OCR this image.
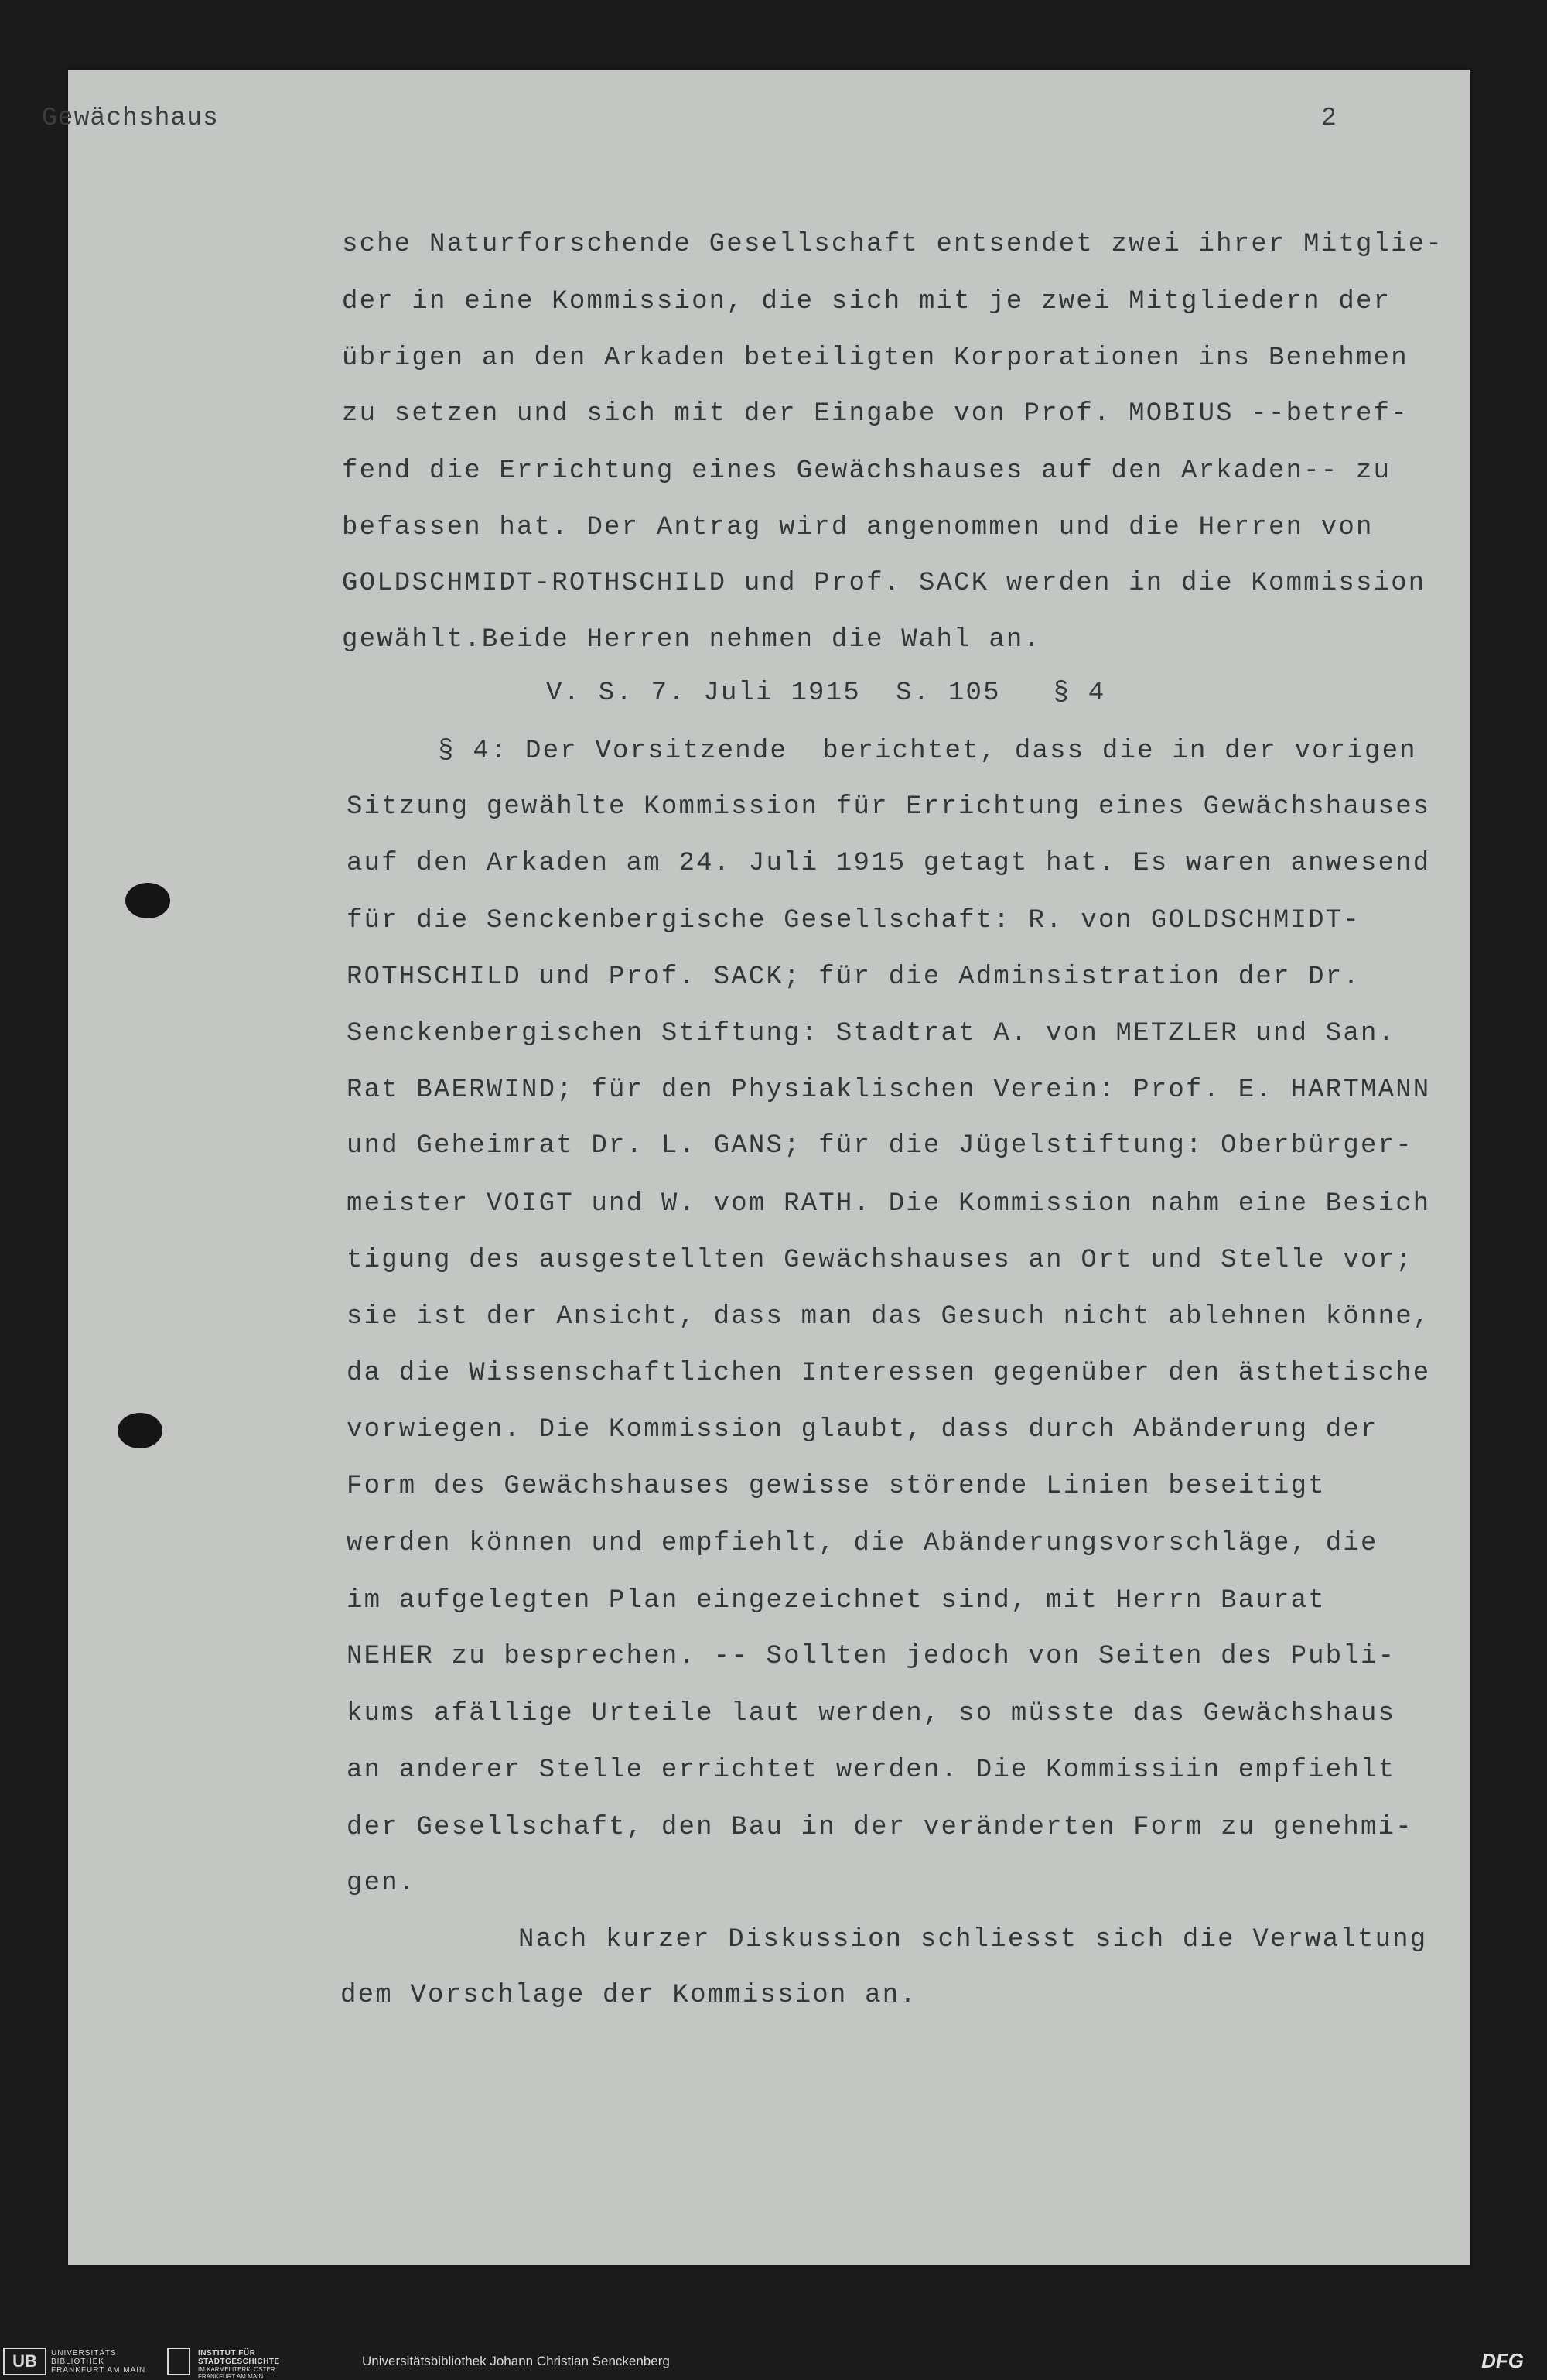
Gewächshaus	2
sche Naturforschende Gesellschaft entsendet zwei ihrer Mitglie-
der in eine Kommission, die sich mit je zwei Mitgliedern der
übrigen an den Arkaden beteiligten Korporationen ins Benehmen
zu setzen und sich mit der Eingabe von Prof. MOBIUS --betref-
fend die Errichtung eines Gewächshauses auf den Arkaden-- zu
befassen hat. Der Antrag wird angenommen und die Herren von
GOLDSCHMIDT-ROTHSCHILD und Prof. SACK werden in die Kommission
gewählt.Beide Herren nehmen die Wahl an.
V. S. 7. Juli 1915  S. 105   § 4
§ 4: Der Vorsitzende  berichtet, dass die in der vorigen
Sitzung gewählte Kommission für Errichtung eines Gewächshauses
auf den Arkaden am 24. Juli 1915 getagt hat. Es waren anwesend
für die Senckenbergische Gesellschaft: R. von GOLDSCHMIDT-
ROTHSCHILD und Prof. SACK; für die Adminsistration der Dr.
Senckenbergischen Stiftung: Stadtrat A. von METZLER und San.
Rat BAERWIND; für den Physiaklischen Verein: Prof. E. HARTMANN
und Geheimrat Dr. L. GANS; für die Jügelstiftung: Oberbürger-
meister VOIGT und W. vom RATH. Die Kommission nahm eine Besich
tigung des ausgestellten Gewächshauses an Ort und Stelle vor;
sie ist der Ansicht, dass man das Gesuch nicht ablehnen könne,
da die Wissenschaftlichen Interessen gegenüber den ästhetische
vorwiegen. Die Kommission glaubt, dass durch Abänderung der
Form des Gewächshauses gewisse störende Linien beseitigt
werden können und empfiehlt, die Abänderungsvorschläge, die
im aufgelegten Plan eingezeichnet sind, mit Herrn Baurat
NEHER zu besprechen. -- Sollten jedoch von Seiten des Publi-
kums afällige Urteile laut werden, so müsste das Gewächshaus
an anderer Stelle errichtet werden. Die Kommissiin empfiehlt
der Gesellschaft, den Bau in der veränderten Form zu genehmi-
gen.
Nach kurzer Diskussion schliesst sich die Verwaltung
dem Vorschlage der Kommission an.
UB	UNIVERSITÄTS
BIBLIOTHEK
FRANKFURT AM MAIN
INSTITUT FÜR
STADTGESCHICHTE
IM KARMELITERKLOSTER
FRANKFURT AM MAIN
Universitätsbibliothek Johann Christian Senckenberg	DFG
